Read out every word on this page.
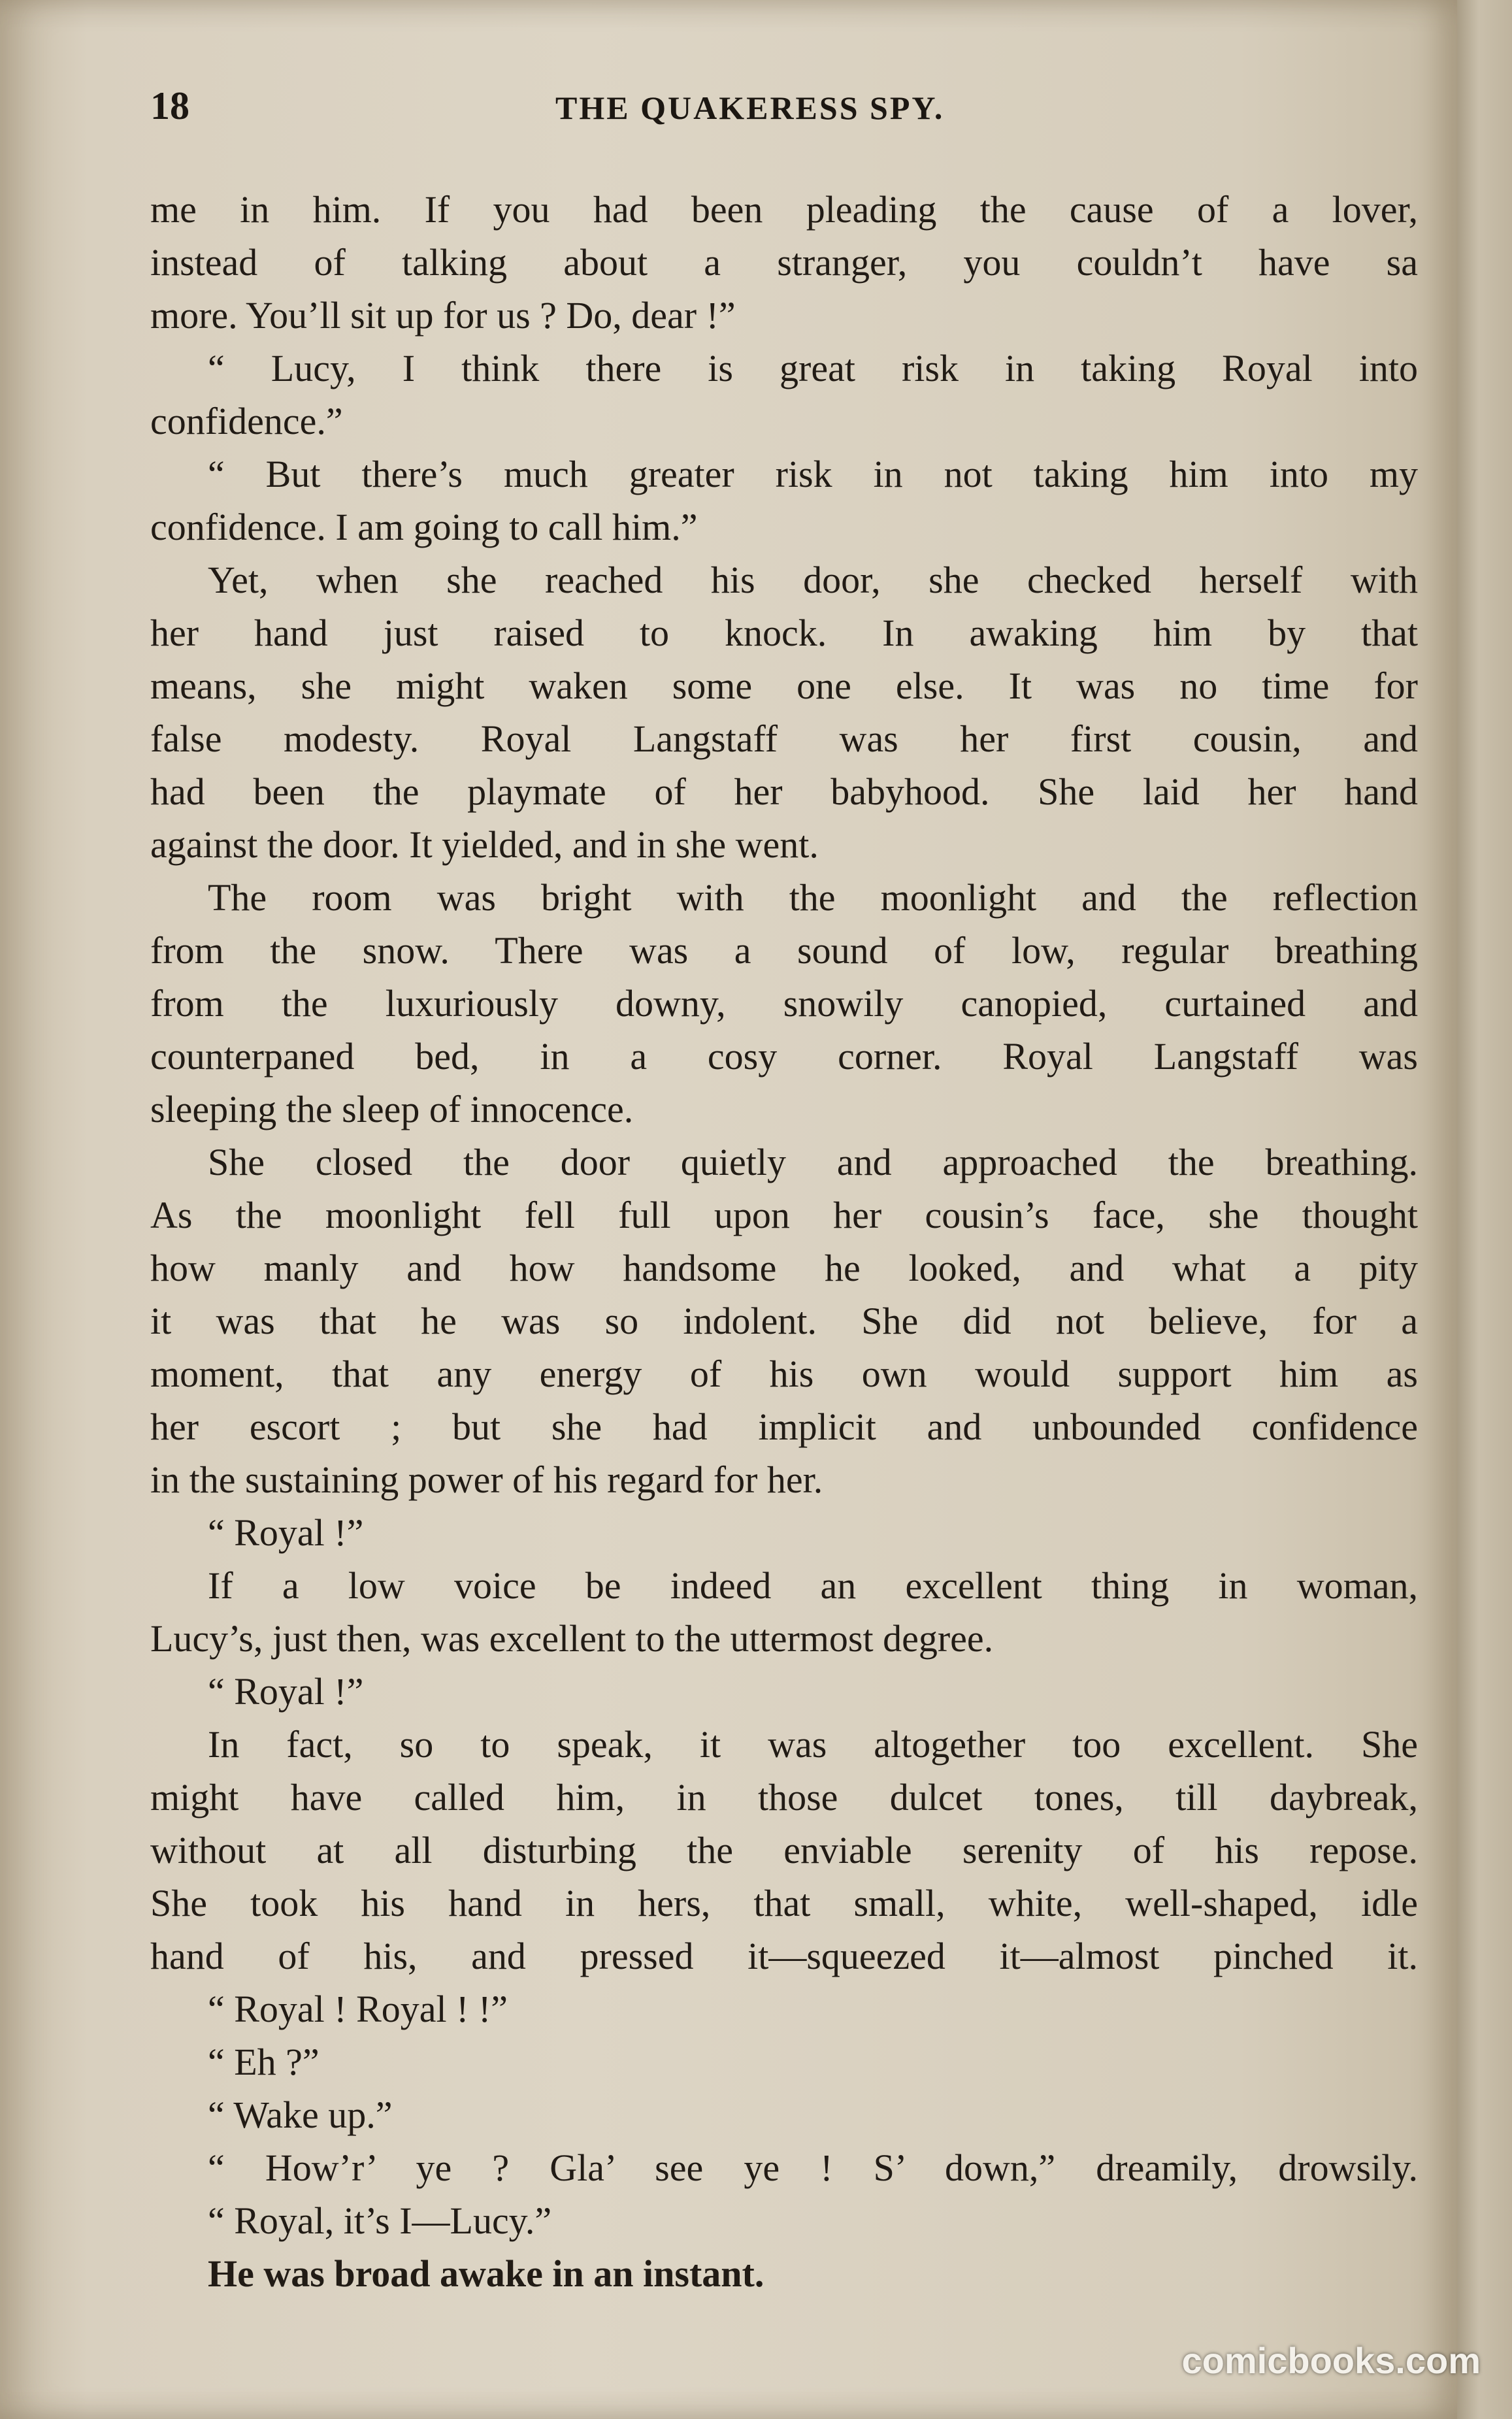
18	THE QUAKERESS SPY.
me in him. If you had been pleading the cause of a lover,
instead of talking about a stranger, you couldn’t have sa
more. You’ll sit up for us ? Do, dear !”
“ Lucy, I think there is great risk in taking Royal into
confidence.”
“ But there’s much greater risk in not taking him into my
confidence. I am going to call him.”
Yet, when she reached his door, she checked herself with
her hand just raised to knock. In awaking him by that
means, she might waken some one else. It was no time for
false modesty. Royal Langstaff was her first cousin, and
had been the playmate of her babyhood. She laid her hand
against the door. It yielded, and in she went.
The room was bright with the moonlight and the reflection
from the snow. There was a sound of low, regular breathing
from the luxuriously downy, snowily canopied, curtained and
counterpaned bed, in a cosy corner. Royal Langstaff was
sleeping the sleep of innocence.
She closed the door quietly and approached the breathing.
As the moonlight fell full upon her cousin’s face, she thought
how manly and how handsome he looked, and what a pity
it was that he was so indolent. She did not believe, for a
moment, that any energy of his own would support him as
her escort ; but she had implicit and unbounded confidence
in the sustaining power of his regard for her.
“ Royal !”
If a low voice be indeed an excellent thing in woman,
Lucy’s, just then, was excellent to the uttermost degree.
“ Royal !”
In fact, so to speak, it was altogether too excellent. She
might have called him, in those dulcet tones, till daybreak,
without at all disturbing the enviable serenity of his repose.
She took his hand in hers, that small, white, well-shaped, idle
hand of his, and pressed it—squeezed it—almost pinched it.
“ Royal ! Royal ! !”
“ Eh ?”
“ Wake up.”
“ How’r’ ye ? Gla’ see ye ! S’ down,” dreamily, drowsily.
“ Royal, it’s I—Lucy.”
He was broad awake in an instant.
comicbooks.com
